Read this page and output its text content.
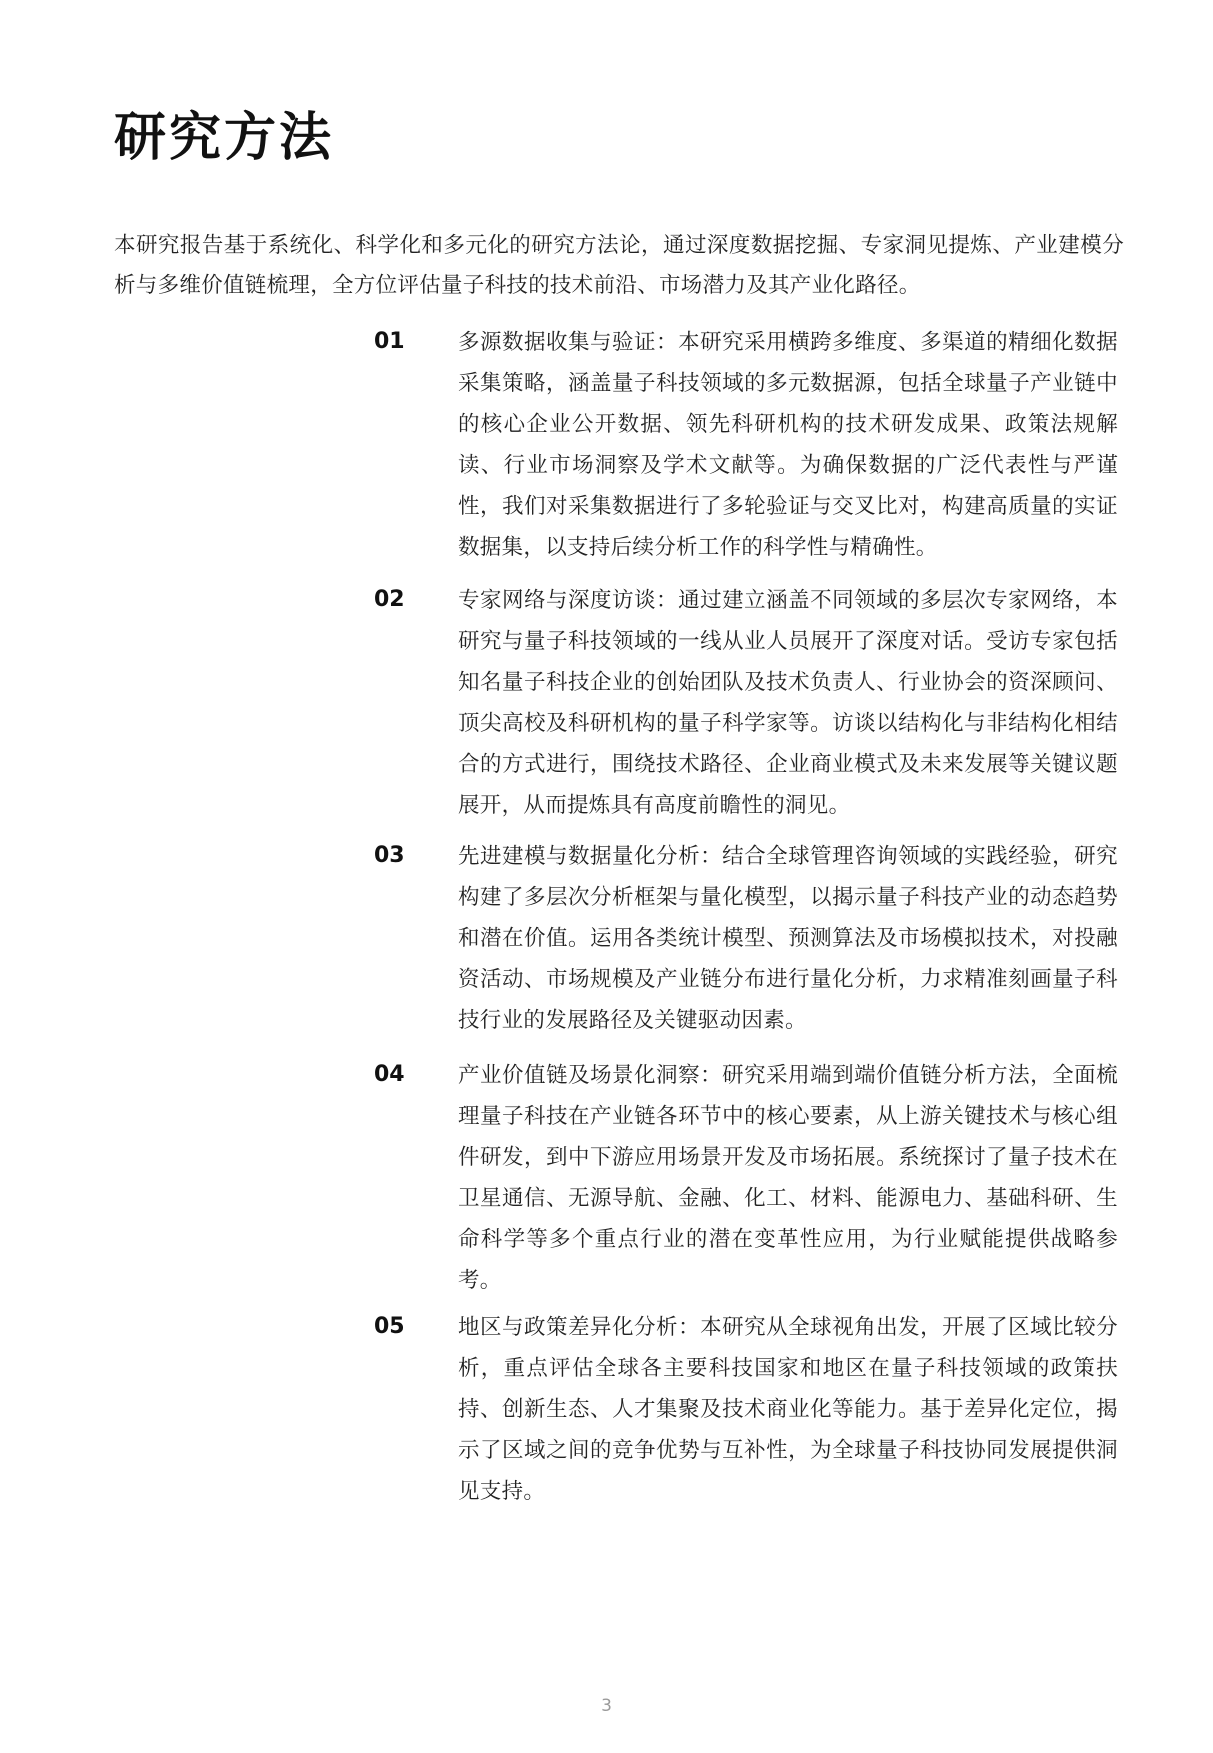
研究方法

本研究报告基于系统化、科学化和多元化的研究方法论，通过深度数据挖掘、专家洞见提炼、产业建模分析与多维价值链梳理，全方位评估量子科技的技术前沿、市场潜力及其产业化路径。

01 多源数据收集与验证：本研究采用横跨多维度、多渠道的精细化数据采集策略，涵盖量子科技领域的多元数据源，包括全球量子产业链中的核心企业公开数据、领先科研机构的技术研发成果、政策法规解读、行业市场洞察及学术文献等。为确保数据的广泛代表性与严谨性，我们对采集数据进行了多轮验证与交叉比对，构建高质量的实证数据集，以支持后续分析工作的科学性与精确性。

02 专家网络与深度访谈：通过建立涵盖不同领域的多层次专家网络，本研究与量子科技领域的一线从业人员展开了深度对话。受访专家包括知名量子科技企业的创始团队及技术负责人、行业协会的资深顾问、顶尖高校及科研机构的量子科学家等。访谈以结构化与非结构化相结合的方式进行，围绕技术路径、企业商业模式及未来发展等关键议题展开，从而提炼具有高度前瞻性的洞见。

03 先进建模与数据量化分析：结合全球管理咨询领域的实践经验，研究构建了多层次分析框架与量化模型，以揭示量子科技产业的动态趋势和潜在价值。运用各类统计模型、预测算法及市场模拟技术，对投融资活动、市场规模及产业链分布进行量化分析，力求精准刻画量子科技行业的发展路径及关键驱动因素。

04 产业价值链及场景化洞察：研究采用端到端价值链分析方法，全面梳理量子科技在产业链各环节中的核心要素，从上游关键技术与核心组件研发，到中下游应用场景开发及市场拓展。系统探讨了量子技术在卫星通信、无源导航、金融、化工、材料、能源电力、基础科研、生命科学等多个重点行业的潜在变革性应用，为行业赋能提供战略参考。

05 地区与政策差异化分析：本研究从全球视角出发，开展了区域比较分析，重点评估全球各主要科技国家和地区在量子科技领域的政策扶持、创新生态、人才集聚及技术商业化等能力。基于差异化定位，揭示了区域之间的竞争优势与互补性，为全球量子科技协同发展提供洞见支持。

3
